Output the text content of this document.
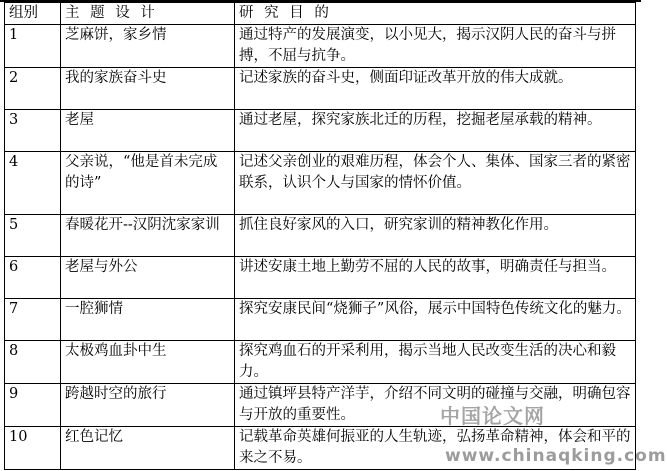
组别	主 题 设 计	研 究 目 的
1	芝麻饼，家乡情	通过特产的发展演变，以小见大，揭示汉阴人民的奋斗与拼搏，不屈与抗争。
2	我的家族奋斗史	记述家族的奋斗史，侧面印证改革开放的伟大成就。
3	老屋	通过老屋，探究家族北迁的历程，挖掘老屋承载的精神。
4	父亲说，“他是首未完成的诗”	记述父亲创业的艰难历程，体会个人、集体、国家三者的紧密联系，认识个人与国家的情怀价值。
5	春暖花开--汉阴沈家家训	抓住良好家风的入口，研究家训的精神教化作用。
6	老屋与外公	讲述安康土地上勤劳不屈的人民的故事，明确责任与担当。
7	一腔狮情	探究安康民间“烧狮子”风俗，展示中国特色传统文化的魅力。
8	太极鸡血卦中生	探究鸡血石的开采利用，揭示当地人民改变生活的决心和毅力。
9	跨越时空的旅行	通过镇坪县特产洋芋，介绍不同文明的碰撞与交融，明确包容与开放的重要性。
10	红色记忆	记载革命英雄何振亚的人生轨迹，弘扬革命精神，体会和平的来之不易。
中国论文网
www.chinaqking.com
